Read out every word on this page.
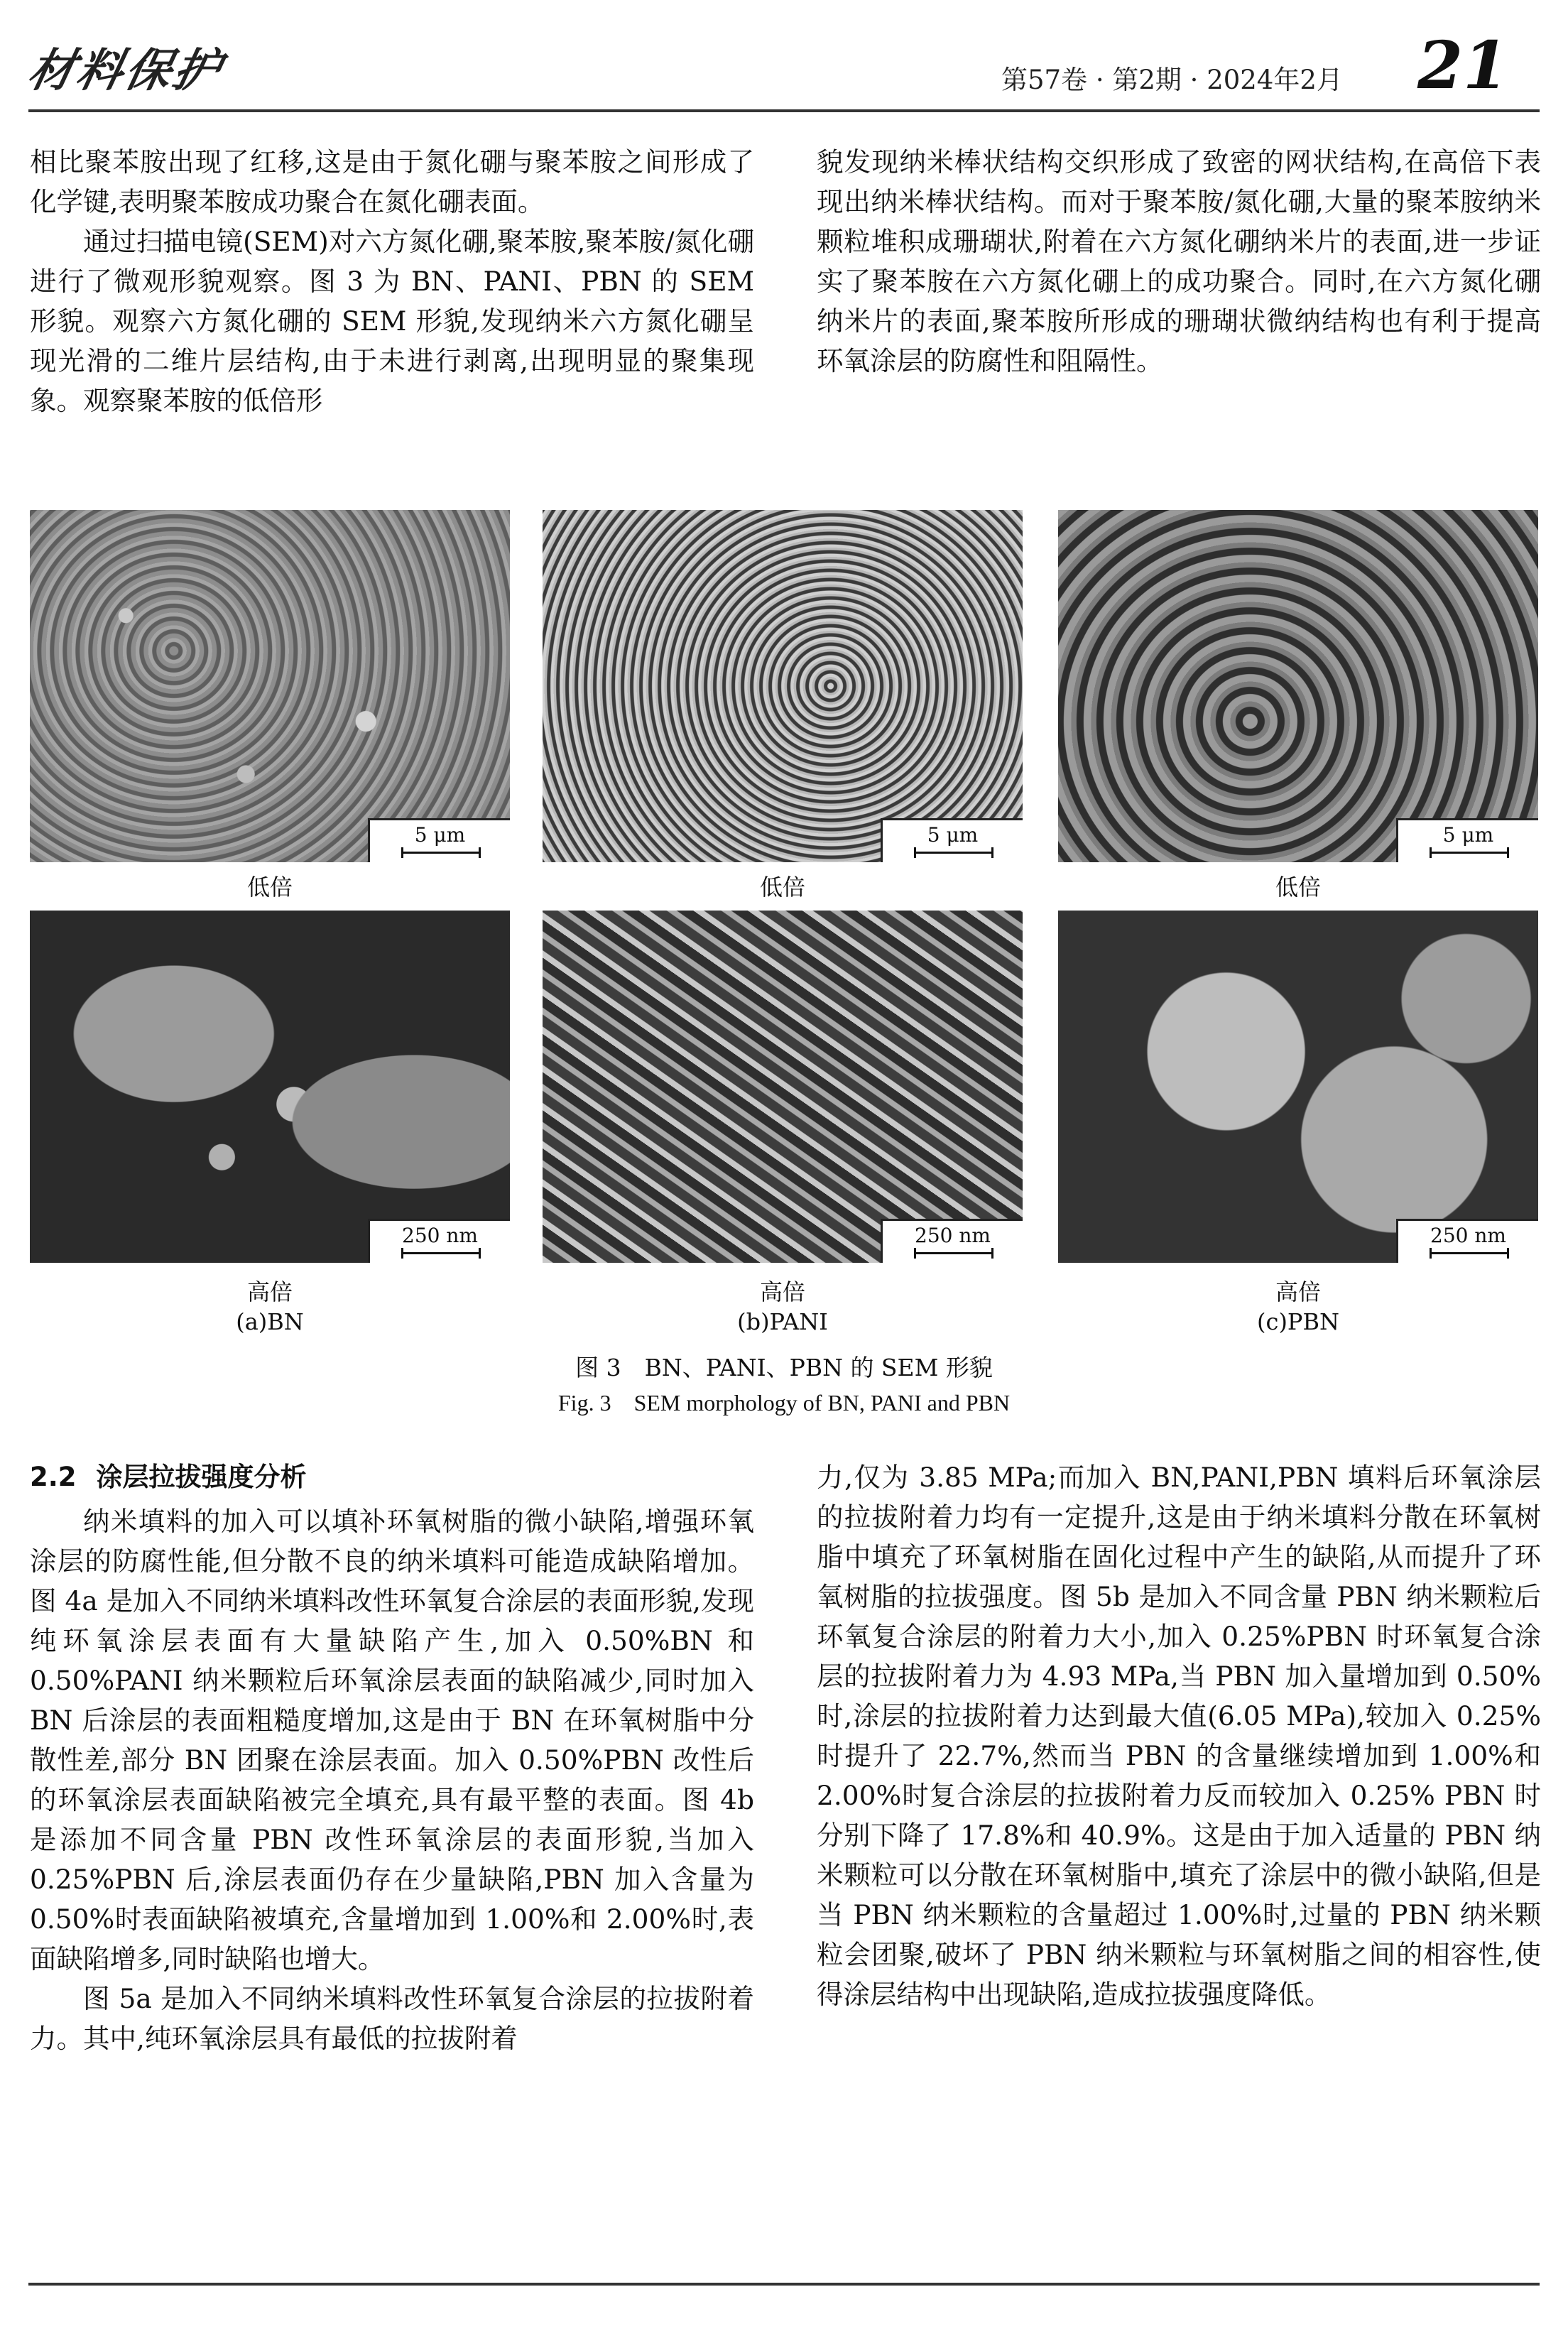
材料保护	第57卷 · 第2期 · 2024年2月 21

相比聚苯胺出现了红移,这是由于氮化硼与聚苯胺之间形成了化学键,表明聚苯胺成功聚合在氮化硼表面。

通过扫描电镜(SEM)对六方氮化硼,聚苯胺,聚苯胺/氮化硼进行了微观形貌观察。图 3 为 BN、PANI、PBN 的 SEM 形貌。观察六方氮化硼的 SEM 形貌,发现纳米六方氮化硼呈现光滑的二维片层结构,由于未进行剥离,出现明显的聚集现象。观察聚苯胺的低倍形

貌发现纳米棒状结构交织形成了致密的网状结构,在高倍下表现出纳米棒状结构。而对于聚苯胺/氮化硼,大量的聚苯胺纳米颗粒堆积成珊瑚状,附着在六方氮化硼纳米片的表面,进一步证实了聚苯胺在六方氮化硼上的成功聚合。同时,在六方氮化硼纳米片的表面,聚苯胺所形成的珊瑚状微纳结构也有利于提高环氧涂层的防腐性和阻隔性。

5 μm	5 μm	5 μm
低倍	低倍	低倍
250 nm	250 nm	250 nm
高倍	高倍	高倍
(a)BN	(b)PANI	(c)PBN
图 3　BN、PANI、PBN 的 SEM 形貌
Fig. 3　SEM morphology of BN, PANI and PBN
2.2 涂层拉拔强度分析

纳米填料的加入可以填补环氧树脂的微小缺陷,增强环氧涂层的防腐性能,但分散不良的纳米填料可能造成缺陷增加。图 4a 是加入不同纳米填料改性环氧复合涂层的表面形貌,发现纯环氧涂层表面有大量缺陷产生,加入 0.50%BN 和 0.50%PANI 纳米颗粒后环氧涂层表面的缺陷减少,同时加入 BN 后涂层的表面粗糙度增加,这是由于 BN 在环氧树脂中分散性差,部分 BN 团聚在涂层表面。加入 0.50%PBN 改性后的环氧涂层表面缺陷被完全填充,具有最平整的表面。图 4b 是添加不同含量 PBN 改性环氧涂层的表面形貌,当加入 0.25%PBN 后,涂层表面仍存在少量缺陷,PBN 加入含量为 0.50%时表面缺陷被填充,含量增加到 1.00%和 2.00%时,表面缺陷增多,同时缺陷也增大。

图 5a 是加入不同纳米填料改性环氧复合涂层的拉拔附着力。其中,纯环氧涂层具有最低的拉拔附着

力,仅为 3.85 MPa;而加入 BN,PANI,PBN 填料后环氧涂层的拉拔附着力均有一定提升,这是由于纳米填料分散在环氧树脂中填充了环氧树脂在固化过程中产生的缺陷,从而提升了环氧树脂的拉拔强度。图 5b 是加入不同含量 PBN 纳米颗粒后环氧复合涂层的附着力大小,加入 0.25%PBN 时环氧复合涂层的拉拔附着力为 4.93 MPa,当 PBN 加入量增加到 0.50%时,涂层的拉拔附着力达到最大值(6.05 MPa),较加入 0.25%时提升了 22.7%,然而当 PBN 的含量继续增加到 1.00%和 2.00%时复合涂层的拉拔附着力反而较加入 0.25% PBN 时分别下降了 17.8%和 40.9%。这是由于加入适量的 PBN 纳米颗粒可以分散在环氧树脂中,填充了涂层中的微小缺陷,但是当 PBN 纳米颗粒的含量超过 1.00%时,过量的 PBN 纳米颗粒会团聚,破坏了 PBN 纳米颗粒与环氧树脂之间的相容性,使得涂层结构中出现缺陷,造成拉拔强度降低。
